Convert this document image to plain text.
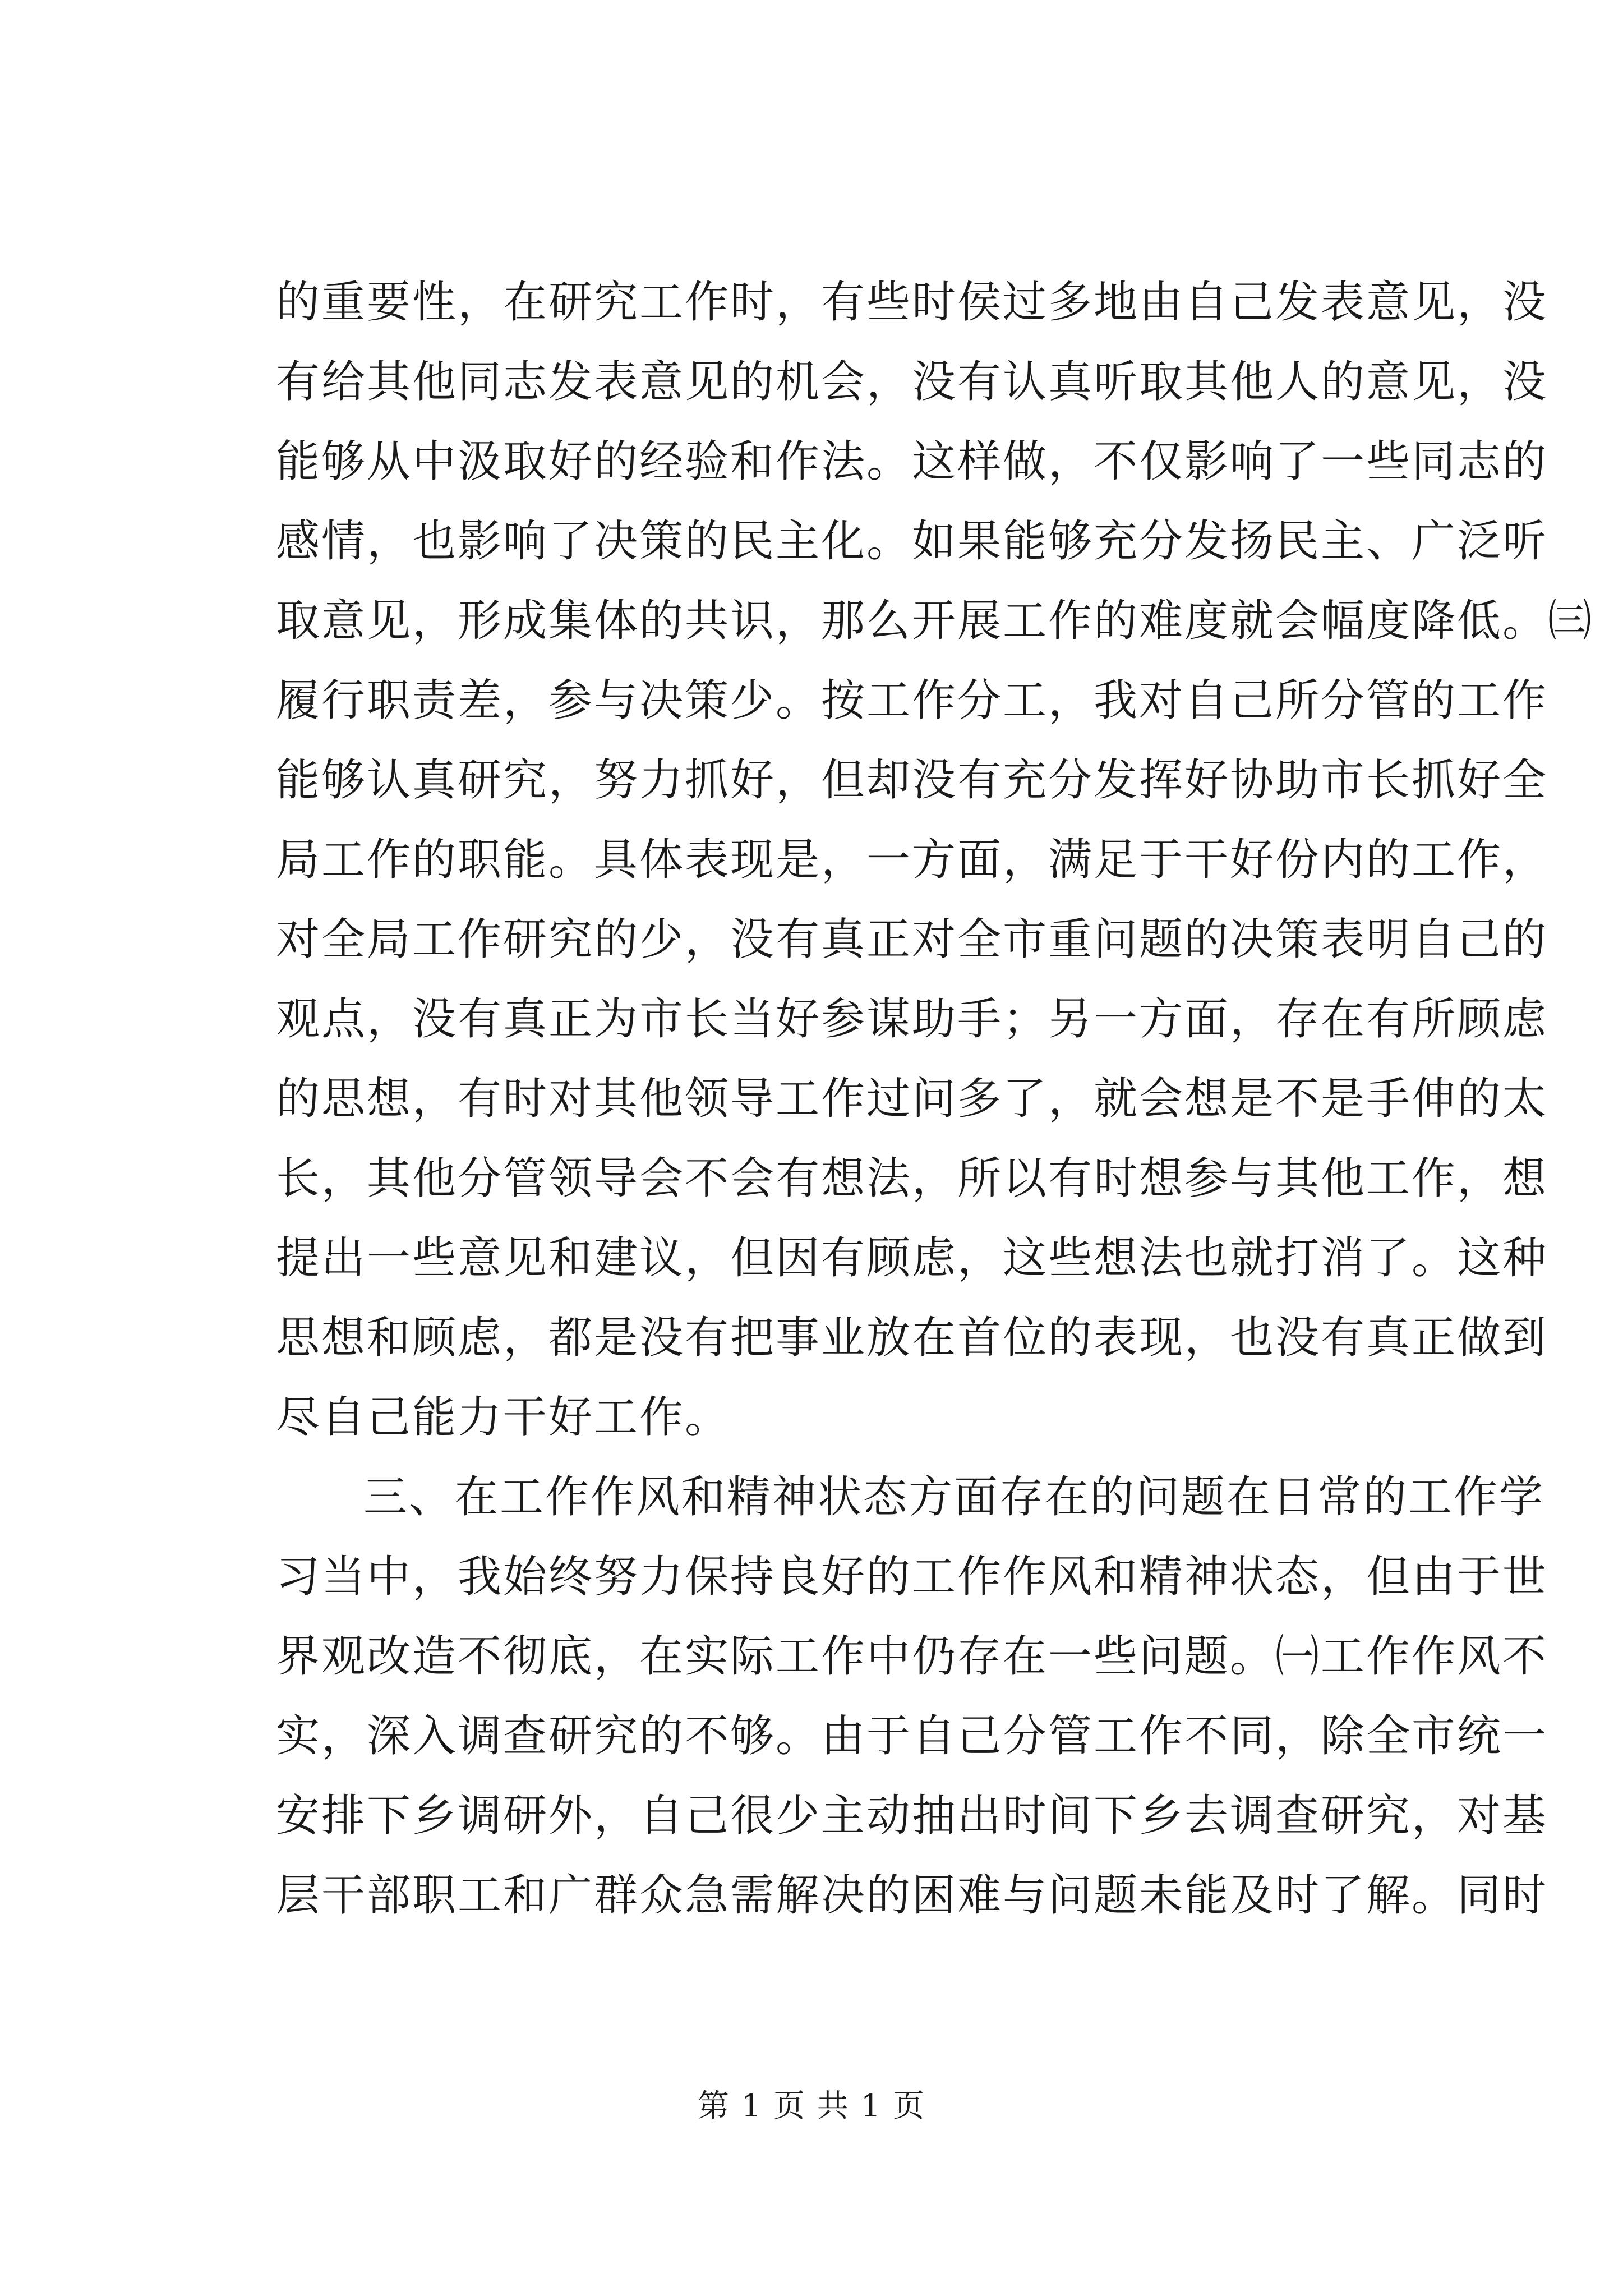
的重要性，在研究工作时，有些时侯过多地由自己发表意见，没
有给其他同志发表意见的机会，没有认真听取其他人的意见，没
能够从中汲取好的经验和作法。这样做，不仅影响了一些同志的
感情，也影响了决策的民主化。如果能够充分发扬民主、广泛听
取意见，形成集体的共识，那么开展工作的难度就会幅度降低。㈢
履行职责差，参与决策少。按工作分工，我对自己所分管的工作
能够认真研究，努力抓好，但却没有充分发挥好协助市长抓好全
局工作的职能。具体表现是，一方面，满足于干好份内的工作，
对全局工作研究的少，没有真正对全市重问题的决策表明自己的
观点，没有真正为市长当好参谋助手；另一方面，存在有所顾虑
的思想，有时对其他领导工作过问多了，就会想是不是手伸的太
长，其他分管领导会不会有想法，所以有时想参与其他工作，想
提出一些意见和建议，但因有顾虑，这些想法也就打消了。这种
思想和顾虑，都是没有把事业放在首位的表现，也没有真正做到
尽自己能力干好工作。
三、在工作作风和精神状态方面存在的问题在日常的工作学
习当中，我始终努力保持良好的工作作风和精神状态，但由于世
界观改造不彻底，在实际工作中仍存在一些问题。㈠工作作风不
实，深入调查研究的不够。由于自己分管工作不同，除全市统一
安排下乡调研外，自己很少主动抽出时间下乡去调查研究，对基
层干部职工和广群众急需解决的困难与问题未能及时了解。同时
第 1 页 共 1 页
